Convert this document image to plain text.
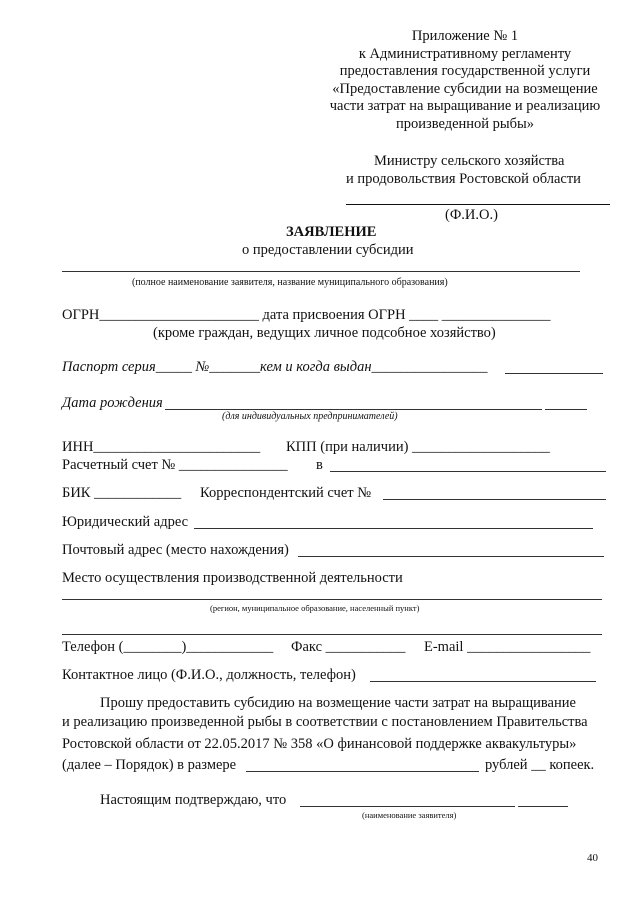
Приложение № 1
к Административному регламенту
предоставления государственной услуги
«Предоставление субсидии на возмещение
части затрат на выращивание и реализацию
произведенной рыбы»
Министру сельского хозяйства
и продовольствия Ростовской области
(Ф.И.О.)
ЗАЯВЛЕНИЕ
о предоставлении субсидии
(полное наименование заявителя, название муниципального образования)
ОГРН______________________ дата присвоения ОГРН ____ _______________
(кроме граждан, ведущих личное подсобное хозяйство)
Паспорт серия_____ №_______кем и когда выдан________________
Дата рождения
(для индивидуальных предпринимателей)
ИНН_______________________ КПП (при наличии) ___________________
Расчетный счет № _______________ в
БИК ____________ Корреспондентский счет №
Юридический адрес
Почтовый адрес (место нахождения)
Место осуществления производственной деятельности
(регион, муниципальное образование, населенный пункт)
Телефон (________)____________ Факс ___________ E-mail _________________
Контактное лицо (Ф.И.О., должность, телефон)
Прошу предоставить субсидию на возмещение части затрат на выращивание
и реализацию произведенной рыбы в соответствии с постановлением Правительства
Ростовской области от 22.05.2017 № 358 «О финансовой поддержке аквакультуры»
(далее – Порядок) в размере	рублей __ копеек.
Настоящим подтверждаю, что
(наименование заявителя)
40
